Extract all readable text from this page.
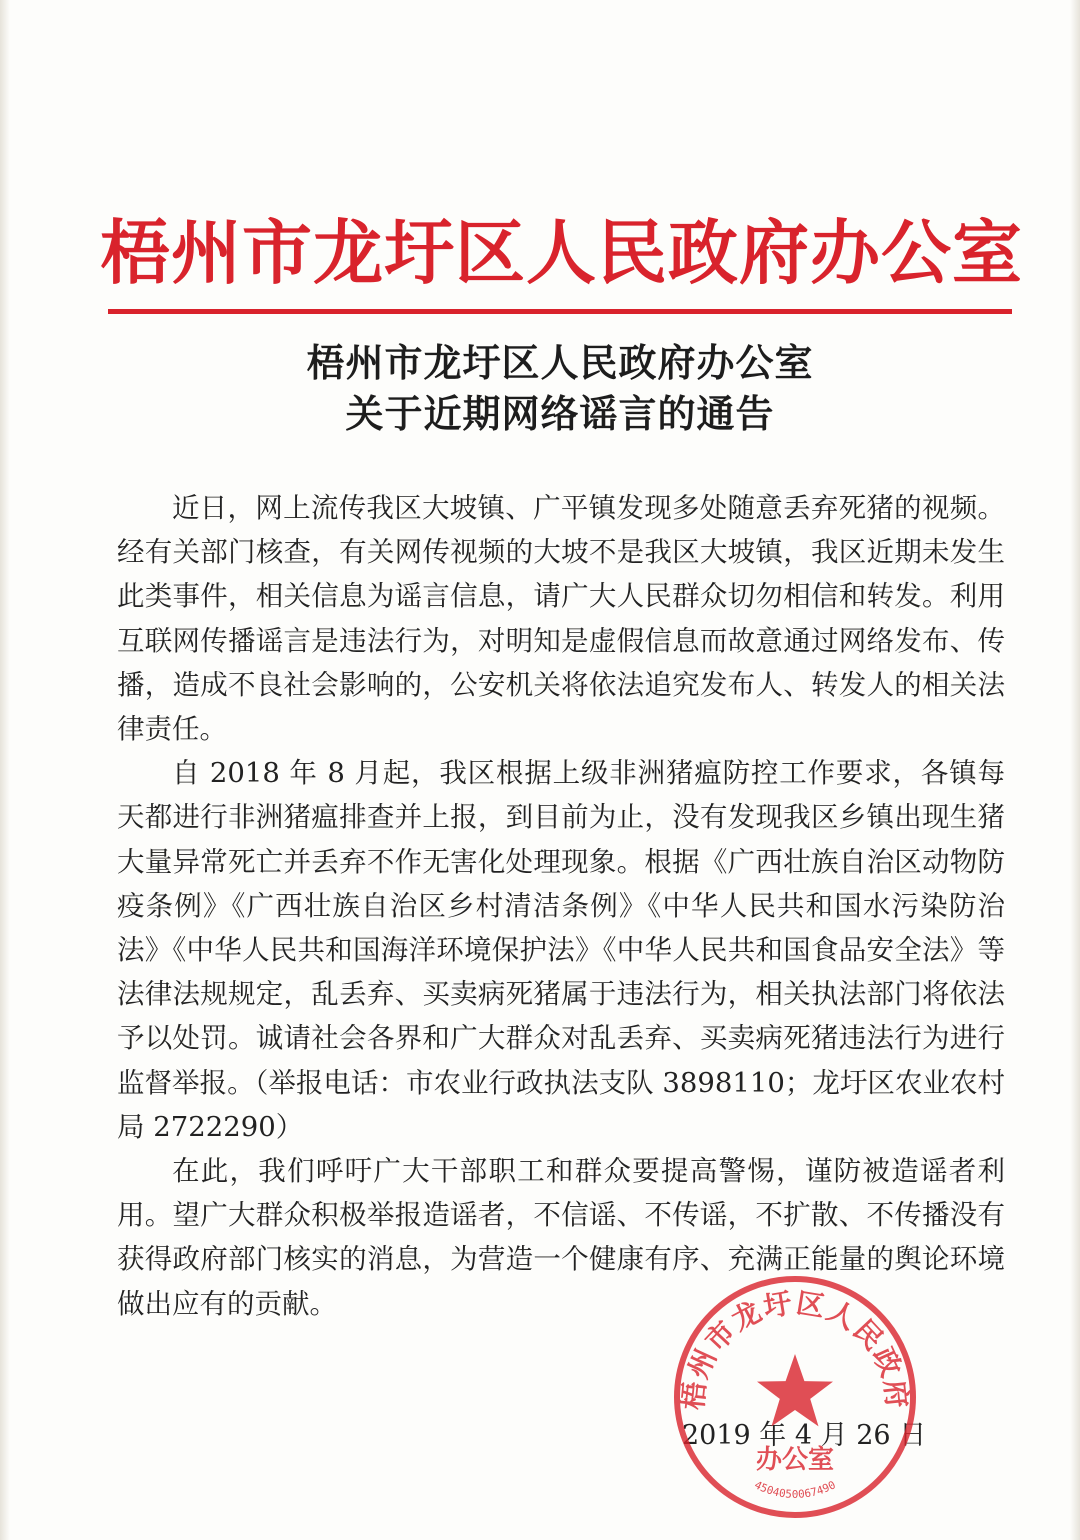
梧州市龙圩区人民政府办公室
梧州市龙圩区人民政府办公室
关于近期网络谣言的通告

近日，网上流传我区大坡镇、广平镇发现多处随意丢弃死猪的视频。经有关部门核查，有关网传视频的大坡不是我区大坡镇，我区近期未发生此类事件，相关信息为谣言信息，请广大人民群众切勿相信和转发。利用互联网传播谣言是违法行为，对明知是虚假信息而故意通过网络发布、传播，造成不良社会影响的，公安机关将依法追究发布人、转发人的相关法律责任。

自 2018 年 8 月起，我区根据上级非洲猪瘟防控工作要求，各镇每天都进行非洲猪瘟排查并上报，到目前为止，没有发现我区乡镇出现生猪大量异常死亡并丢弃不作无害化处理现象。根据《广西壮族自治区动物防疫条例》《广西壮族自治区乡村清洁条例》《中华人民共和国水污染防治法》《中华人民共和国海洋环境保护法》《中华人民共和国食品安全法》等法律法规规定，乱丢弃、买卖病死猪属于违法行为，相关执法部门将依法予以处罚。诚请社会各界和广大群众对乱丢弃、买卖病死猪违法行为进行监督举报。（举报电话：市农业行政执法支队 3898110；龙圩区农业农村局 2722290）

在此，我们呼吁广大干部职工和群众要提高警惕，谨防被造谣者利用。望广大群众积极举报造谣者，不信谣、不传谣，不扩散、不传播没有获得政府部门核实的消息，为营造一个健康有序、充满正能量的舆论环境做出应有的贡献。

2019 年 4 月 26 日
梧州市龙圩区人民政府
办公室
4504050067490
